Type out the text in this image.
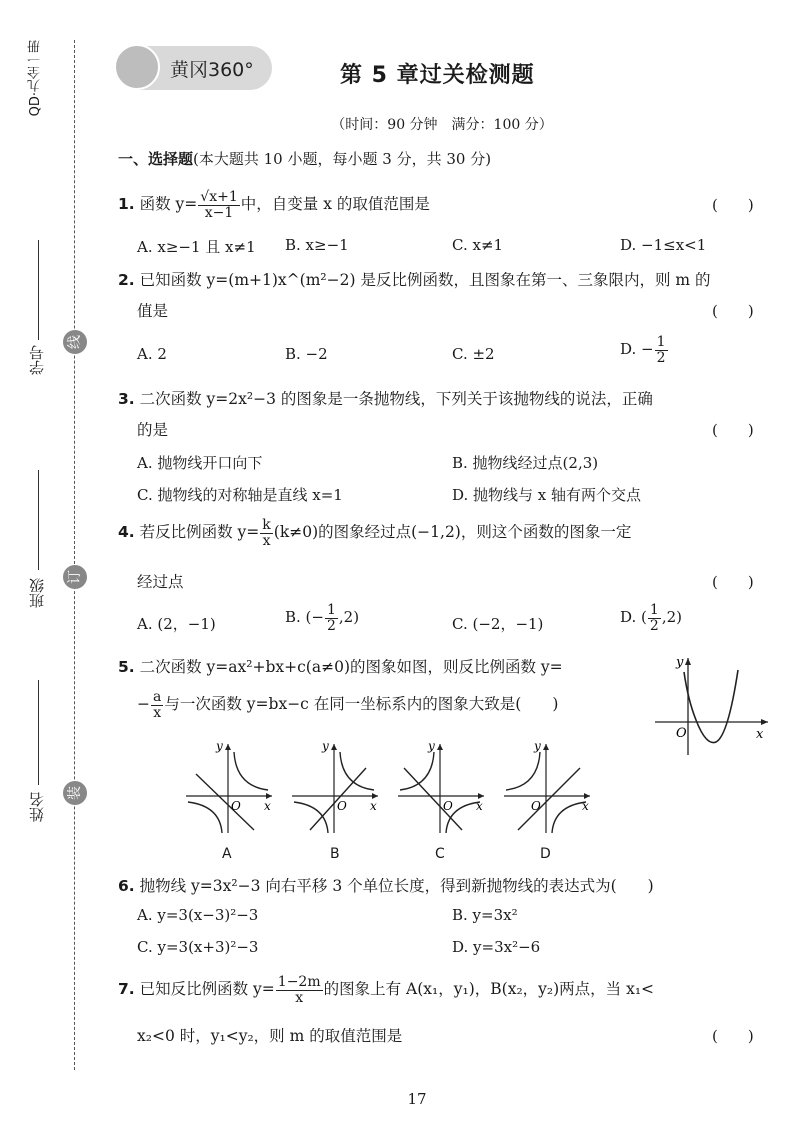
QD·九全一册
学号
班级
姓名
线
订
装
黄冈360°	第 5 章过关检测题
（时间：90 分钟　满分：100 分）
一、选择题(本大题共 10 小题，每小题 3 分，共 30 分)
1. 函数 $y= \frac{√x+1}{x-1}$ 中，自变量 x 的取值范围是	(　　)
A. x≥−1 且 x≠1 B. x≥−1	C. x≠1	D. −1≤x<1
2. 已知函数 y=(m+1)x^(m²−2) 是反比例函数，且图象在第一、三象限内，则 m 的
值是	(　　)
A. 2	B. −2	C. ±2	D. − $\frac{1}{2}$
3. 二次函数 y=2x²−3 的图象是一条抛物线，下列关于该抛物线的说法，正确
的是	(　　)
A. 抛物线开口向下	B. 抛物线经过点(2,3)
C. 抛物线的对称轴是直线 x=1	D. 抛物线与 x 轴有两个交点
4. 若反比例函数 $y= \frac{k}{x} (k\ne 0)$的图象经过点(−1,2)，则这个函数的图象一定
经过点	(　　)
A. (2，−1)	B. (− $\frac{1}{2} ,2$)	C. (−2，−1)	D. ( $\frac{1}{2} ,2$)
5. 二次函数 y=ax²+bx+c(a≠0)的图象如图，则反比例函数 y=
− $\frac{a}{x}$ 与一次函数 y=bx−c 在同一坐标系内的图象大致是(　　)
y
O	x
y
O x
y
O x
y
O x
y
O	x
A	B	C	D
6. 抛物线 y=3x²−3 向右平移 3 个单位长度，得到新抛物线的表达式为(　　)
A. y=3(x−3)²−3	B. y=3x²
C. y=3(x+3)²−3	D. y=3x²−6
7. 已知反比例函数 $y= \frac{1-2m}{x}$ 的图象上有 A(x₁，y₁)，B(x₂，y₂)两点，当 x₁<
x₂<0 时，y₁<y₂，则 m 的取值范围是	(　　)
17
